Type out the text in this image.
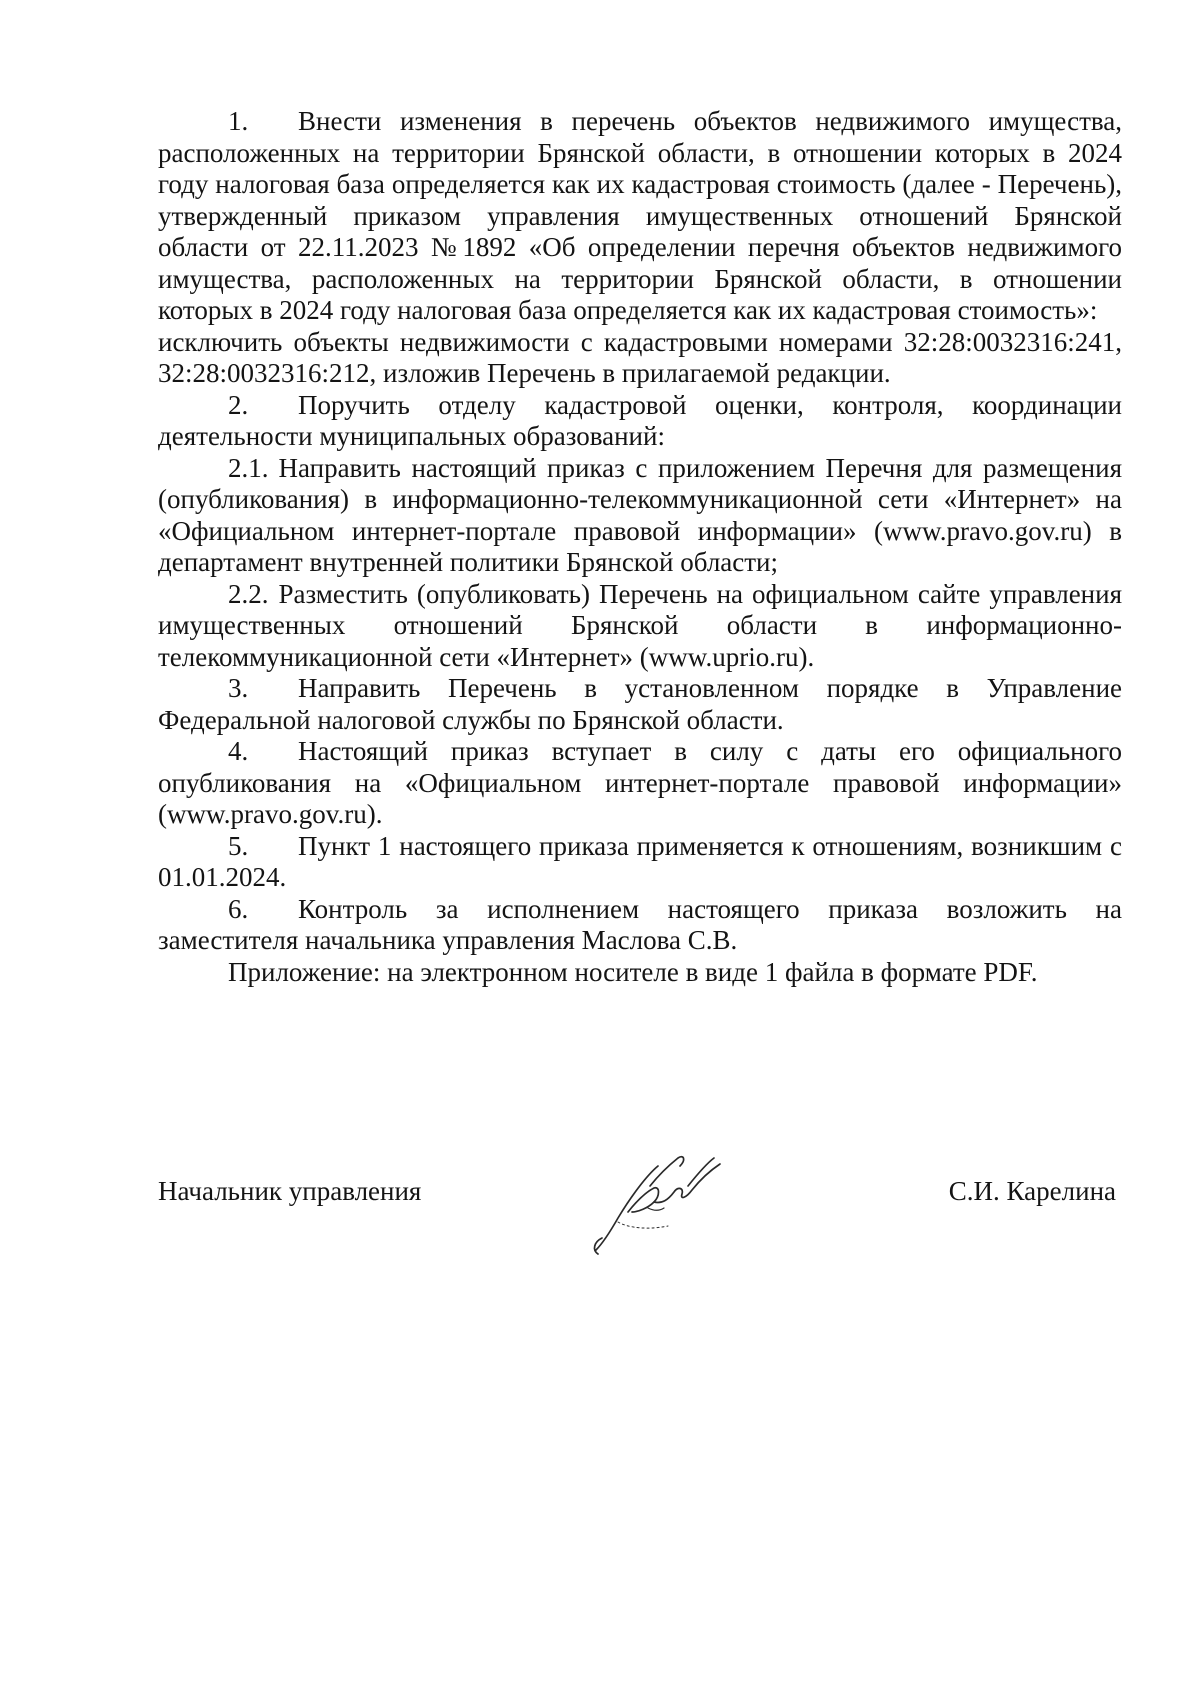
1. Внести изменения в перечень объектов недвижимого имущества, расположенных на территории Брянской области, в отношении которых в 2024 году налоговая база определяется как их кадастровая стоимость (далее - Перечень), утвержденный приказом управления имущественных отношений Брянской области от 22.11.2023 №1892 «Об определении перечня объектов недвижимого имущества, расположенных на территории Брянской области, в отношении которых в 2024 году налоговая база определяется как их кадастровая стоимость»:

исключить объекты недвижимости с кадастровыми номерами 32:28:0032316:241, 32:28:0032316:212, изложив Перечень в прилагаемой редакции.

2. Поручить отделу кадастровой оценки, контроля, координации деятельности муниципальных образований:

2.1. Направить настоящий приказ с приложением Перечня для размещения (опубликования) в информационно-телекоммуникационной сети «Интернет» на «Официальном интернет-портале правовой информации» (www.pravo.gov.ru) в департамент внутренней политики Брянской области;

2.2. Разместить (опубликовать) Перечень на официальном сайте управления имущественных отношений Брянской области в информационно-телекоммуникационной сети «Интернет» (www.uprio.ru).

3. Направить Перечень в установленном порядке в Управление Федеральной налоговой службы по Брянской области.

4. Настоящий приказ вступает в силу с даты его официального опубликования на «Официальном интернет-портале правовой информации» (www.pravo.gov.ru).

5. Пункт 1 настоящего приказа применяется к отношениям, возникшим с 01.01.2024.

6. Контроль за исполнением настоящего приказа возложить на заместителя начальника управления Маслова С.В.

Приложение: на электронном носителе в виде 1 файла в формате PDF.

Начальник управления	С.И. Карелина
